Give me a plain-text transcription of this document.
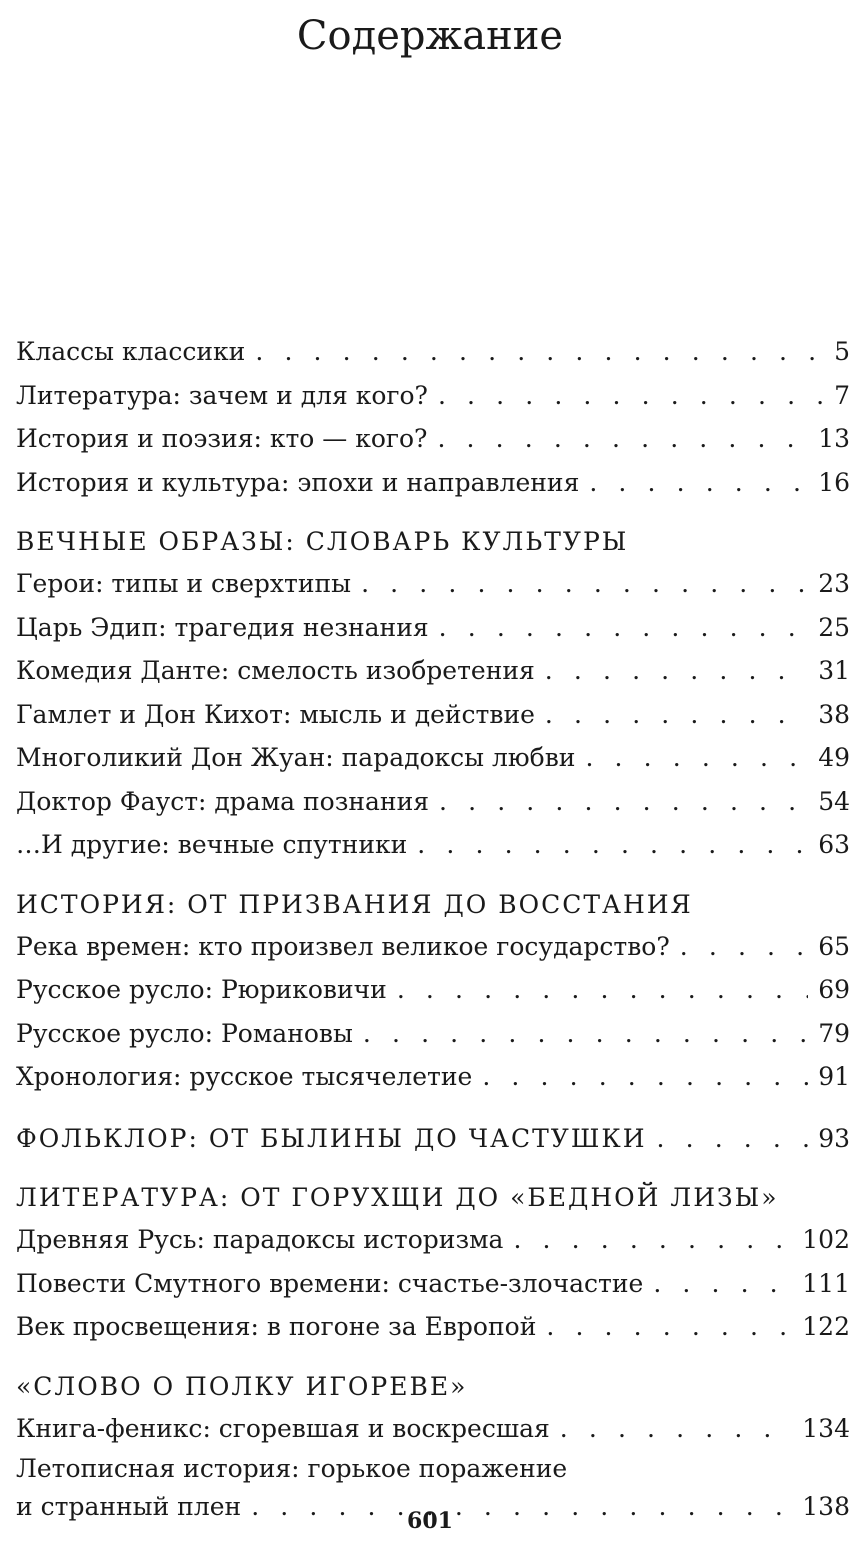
Содержание
Классы классики . . .	5
Литература: зачем и для кого? . . .	7
История и поэзия: кто — кого? . . .	13
История и культура: эпохи и направления . . .	16
ВЕЧНЫЕ ОБРАЗЫ: СЛОВАРЬ КУЛЬТУРЫ
Герои: типы и сверхтипы . . .	23
Царь Эдип: трагедия незнания . . .	25
Комедия Данте: смелость изобретения . . .	31
Гамлет и Дон Кихот: мысль и действие . . .	38
Многоликий Дон Жуан: парадоксы любви . . .	49
Доктор Фауст: драма познания . . .	54
…И другие: вечные спутники . . .	63
ИСТОРИЯ: ОТ ПРИЗВАНИЯ ДО ВОССТАНИЯ
Река времен: кто произвел великое государство? . . .	65
Русское русло: Рюриковичи . . .	69
Русское русло: Романовы . . .	79
Хронология: русское тысячелетие . . .	91
ФОЛЬКЛОР: ОТ БЫЛИНЫ ДО ЧАСТУШКИ . . .	93
ЛИТЕРАТУРА: ОТ ГОРУХЩИ ДО «БЕДНОЙ ЛИЗЫ»
Древняя Русь: парадоксы историзма . . .	102
Повести Смутного времени: счастье-злочастие . . .	111
Век просвещения: в погоне за Европой . . .	122
«СЛОВО О ПОЛКУ ИГОРЕВЕ»
Книга-феникс: сгоревшая и воскресшая . . .	134
Летописная история: горькое поражение
и странный плен . . .	138
601
